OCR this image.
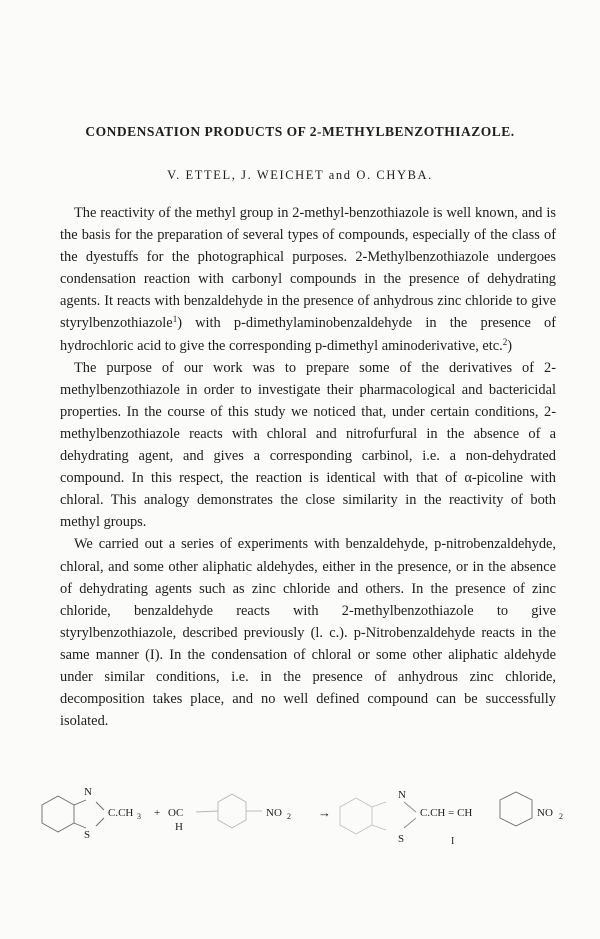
CONDENSATION PRODUCTS OF 2-METHYLBENZOTHIAZOLE.
V. ETTEL, J. WEICHET and O. CHYBA.

The reactivity of the methyl group in 2-methyl-benzothiazole is well known, and is the basis for the preparation of several types of compounds, especially of the class of the dyestuffs for the photographical purposes. 2-Methylbenzothiazole undergoes condensation reaction with carbonyl compounds in the presence of dehydrating agents. It reacts with benzaldehyde in the presence of anhydrous zinc chloride to give styrylbenzothiazole$^1$) with p-dimethylaminobenzaldehyde in the presence of hydrochloric acid to give the corresponding p-dimethyl aminoderivative, etc.$^2$)

The purpose of our work was to prepare some of the derivatives of 2-methylbenzothiazole in order to investigate their pharmacological and bactericidal properties. In the course of this study we noticed that, under certain conditions, 2-methylbenzothiazole reacts with chloral and nitrofurfural in the absence of a dehydrating agent, and gives a corresponding carbinol, i.e. a non-dehydrated compound. In this respect, the reaction is identical with that of α-picoline with chloral. This analogy demonstrates the close similarity in the reactivity of both methyl groups.

We carried out a series of experiments with benzaldehyde, p-nitrobenzaldehyde, chloral, and some other aliphatic aldehydes, either in the presence, or in the absence of dehydrating agents such as zinc chloride and others. In the presence of zinc chloride, benzaldehyde reacts with 2-methylbenzothiazole to give styrylbenzothiazole, described previously (l. c.). p-Nitrobenzaldehyde reacts in the same manner (I). In the condensation of chloral or some other aliphatic aldehyde under similar conditions, i.e. in the presence of anhydrous zinc chloride, decomposition takes place, and no well defined compound can be successfully isolated.

N
S
C.CH 3 + OC
H
NO 2 →
N
S
C.CH = CH	NO 2
I
